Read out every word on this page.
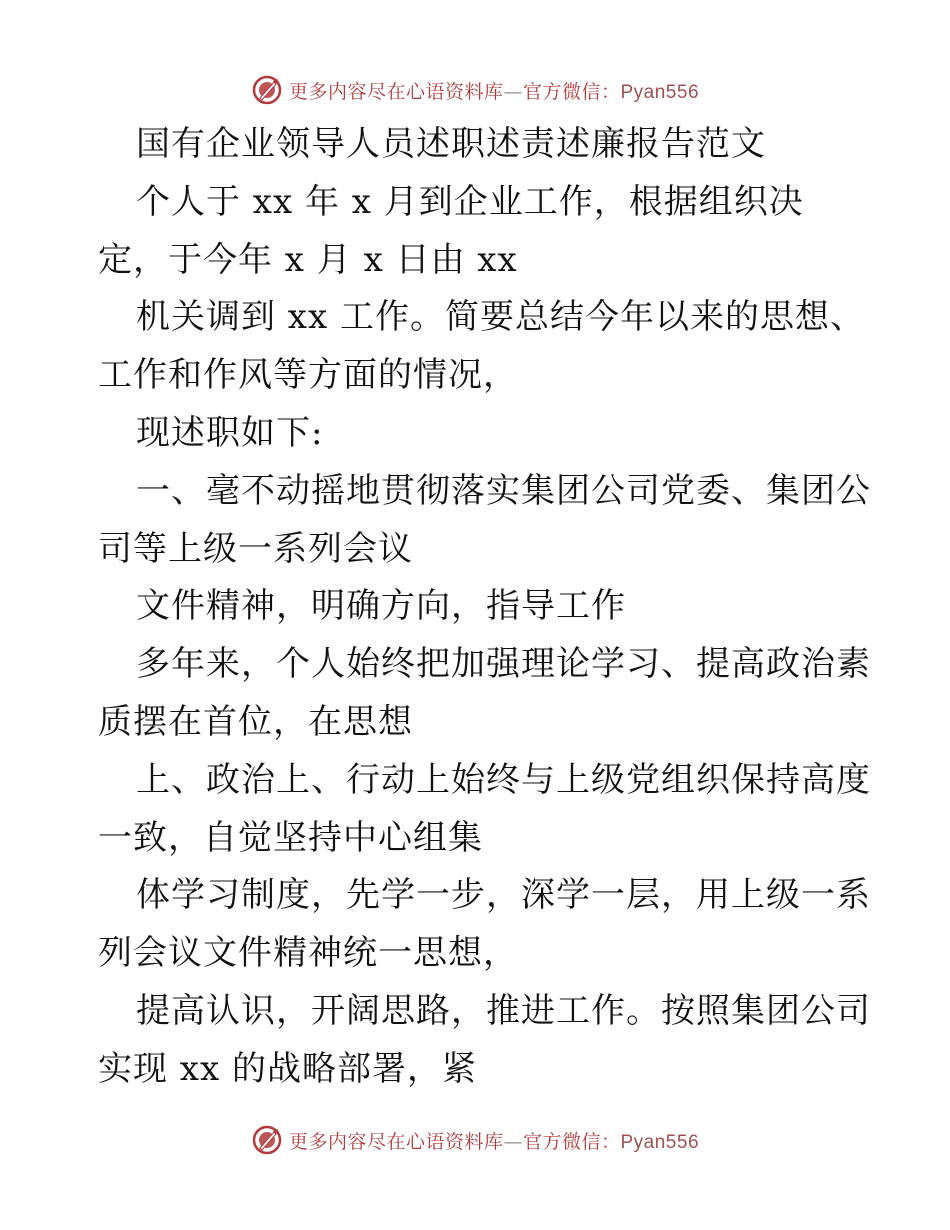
更多内容尽在心语资料库—官方微信：Pyan556
国有企业领导人员述职述责述廉报告范文
个人于 xx 年 x 月到企业工作，根据组织决
定，于今年 x 月 x 日由 xx
机关调到 xx 工作。简要总结今年以来的思想、
工作和作风等方面的情况，
现述职如下:
一、毫不动摇地贯彻落实集团公司党委、集团公
司等上级一系列会议
文件精神，明确方向，指导工作
多年来，个人始终把加强理论学习、提高政治素
质摆在首位，在思想
上、政治上、行动上始终与上级党组织保持高度
一致，自觉坚持中心组集
体学习制度，先学一步，深学一层，用上级一系
列会议文件精神统一思想，
提高认识，开阔思路，推进工作。按照集团公司
实现 xx 的战略部署，紧
更多内容尽在心语资料库—官方微信：Pyan556
